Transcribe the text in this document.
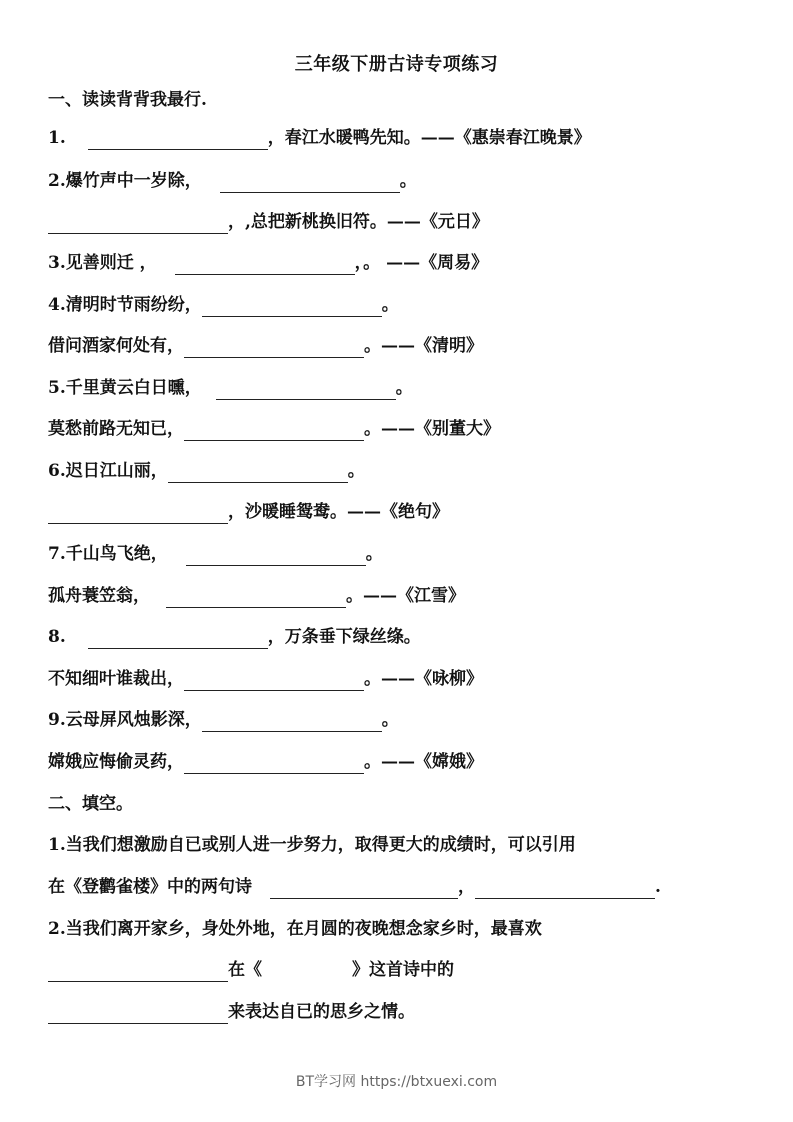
三年级下册古诗专项练习
一、读读背背我最行.
1.	，春江水暖鸭先知。——《惠崇春江晚景》
2.爆竹声中一岁除，	。
，,总把新桃换旧符。——《元日》
3.见善则迁 ，	，。 ——《周易》
4.清明时节雨纷纷，	。
借问酒家何处有，	。——《清明》
5.千里黄云白日曛，	。
莫愁前路无知已，	。——《别董大》
6.迟日江山丽，	。
，沙暖睡鸳鸯。——《绝句》
7.千山鸟飞绝，	。
孤舟蓑笠翁，	。——《江雪》
8.	，万条垂下绿丝绦。
不知细叶谁裁出，	。——《咏柳》
9.云母屏风烛影深，	。
嫦娥应悔偷灵药，	。——《嫦娥》
二、填空。
1.当我们想激励自已或别人进一步努力，取得更大的成绩时，可以引用
在《登鹳雀楼》中的两句诗	，	.
2.当我们离开家乡，身处外地，在月圆的夜晚想念家乡时，最喜欢
在《	》这首诗中的
来表达自已的思乡之情。
BT学习网 https://btxuexi.com
